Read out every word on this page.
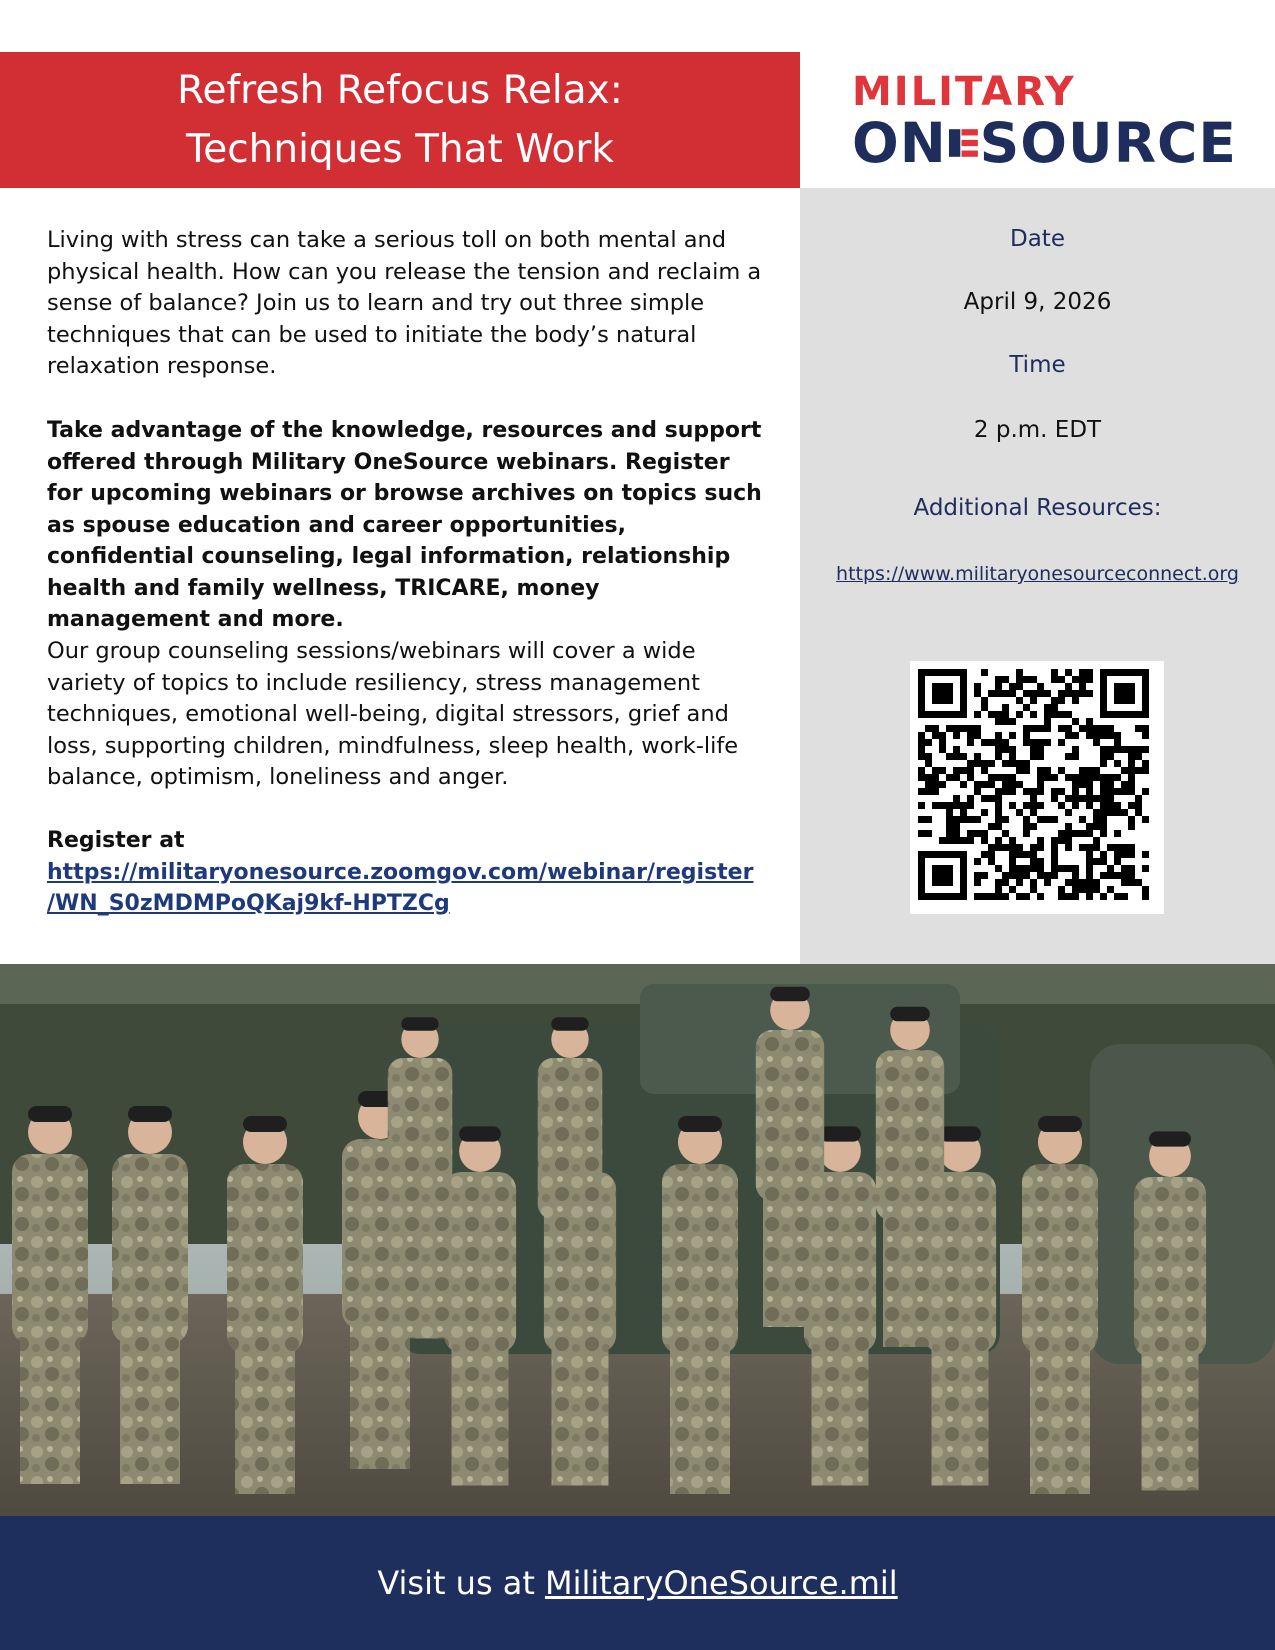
Refresh Refocus Relax:
Techniques That Work
MILITARY
ON SOURCE
Living with stress can take a serious toll on both mental and physical health. How can you release the tension and reclaim a sense of balance? Join us to learn and try out three simple techniques that can be used to initiate the body’s natural relaxation response.
Take advantage of the knowledge, resources and support offered through Military OneSource webinars. Register for upcoming webinars or browse archives on topics such as spouse education and career opportunities, confidential counseling, legal information, relationship health and family wellness, TRICARE, money management and more.
Our group counseling sessions/webinars will cover a wide variety of topics to include resiliency, stress management techniques, emotional well-being, digital stressors, grief and loss, supporting children, mindfulness, sleep health, work-life balance, optimism, loneliness and anger.
Register at
https://militaryonesource.zoomgov.com/webinar/register
/WN_S0zMDMPoQKaj9kf-HPTZCg
Date
April 9, 2026
Time
2 p.m. EDT
Additional Resources:
https://www.militaryonesourceconnect.org
Visit us at MilitaryOneSource.mil
